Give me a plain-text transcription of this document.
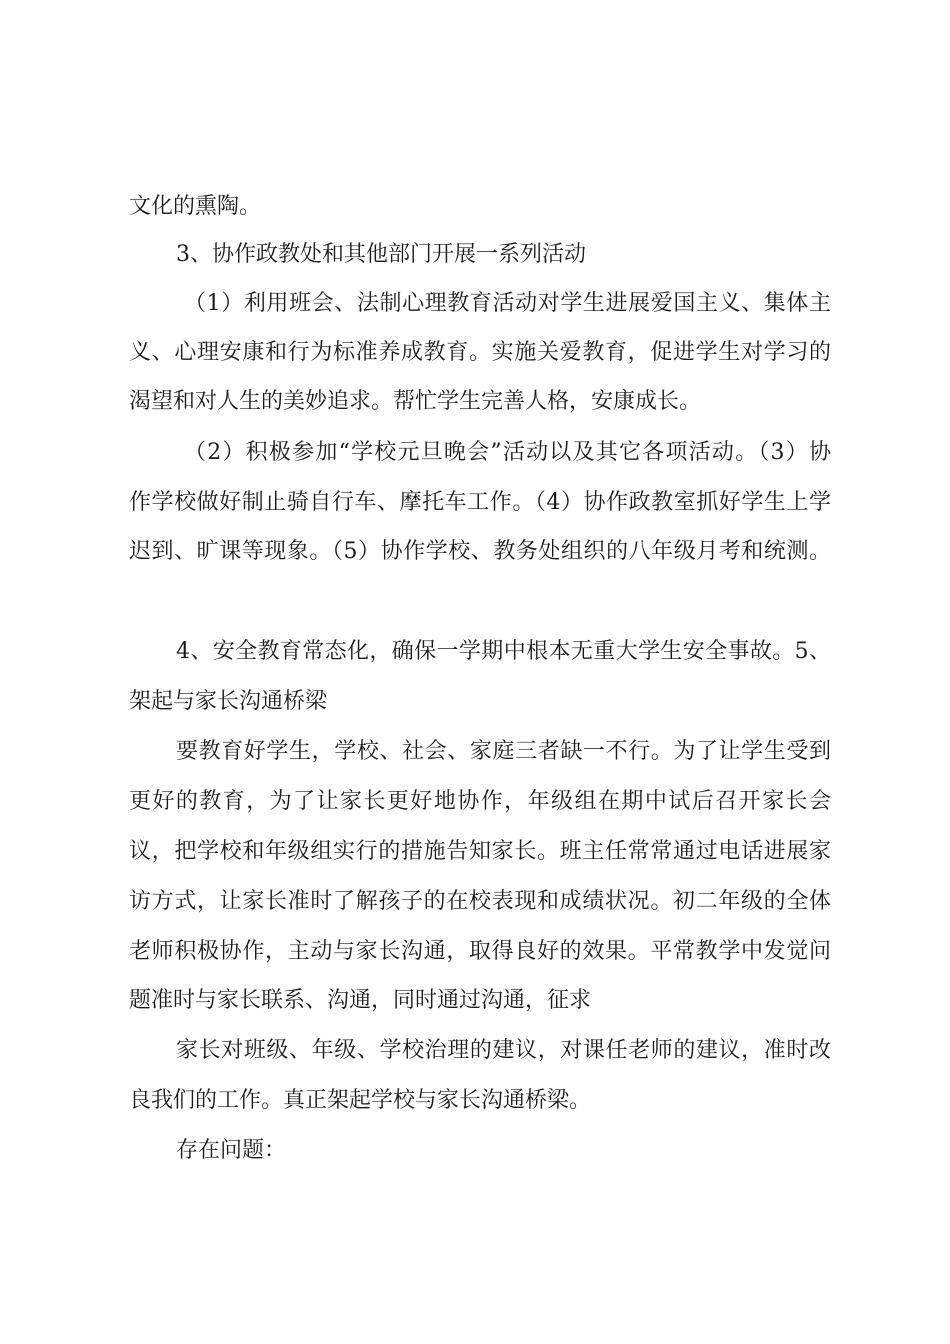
文化的熏陶。
3、协作政教处和其他部门开展一系列活动
（1）利用班会、法制心理教育活动对学生进展爱国主义、集体主
义、心理安康和行为标准养成教育。实施关爱教育，促进学生对学习的
渴望和对人生的美妙追求。帮忙学生完善人格，安康成长。
（2）积极参加“学校元旦晚会”活动以及其它各项活动。（3）协
作学校做好制止骑自行车、摩托车工作。（4）协作政教室抓好学生上学
迟到、旷课等现象。（5）协作学校、教务处组织的八年级月考和统测。
4、安全教育常态化，确保一学期中根本无重大学生安全事故。5、
架起与家长沟通桥梁
要教育好学生，学校、社会、家庭三者缺一不行。为了让学生受到
更好的教育，为了让家长更好地协作，年级组在期中试后召开家长会
议，把学校和年级组实行的措施告知家长。班主任常常通过电话进展家
访方式，让家长准时了解孩子的在校表现和成绩状况。初二年级的全体
老师积极协作，主动与家长沟通，取得良好的效果。平常教学中发觉问
题准时与家长联系、沟通，同时通过沟通，征求
家长对班级、年级、学校治理的建议，对课任老师的建议，准时改
良我们的工作。真正架起学校与家长沟通桥梁。
存在问题：
